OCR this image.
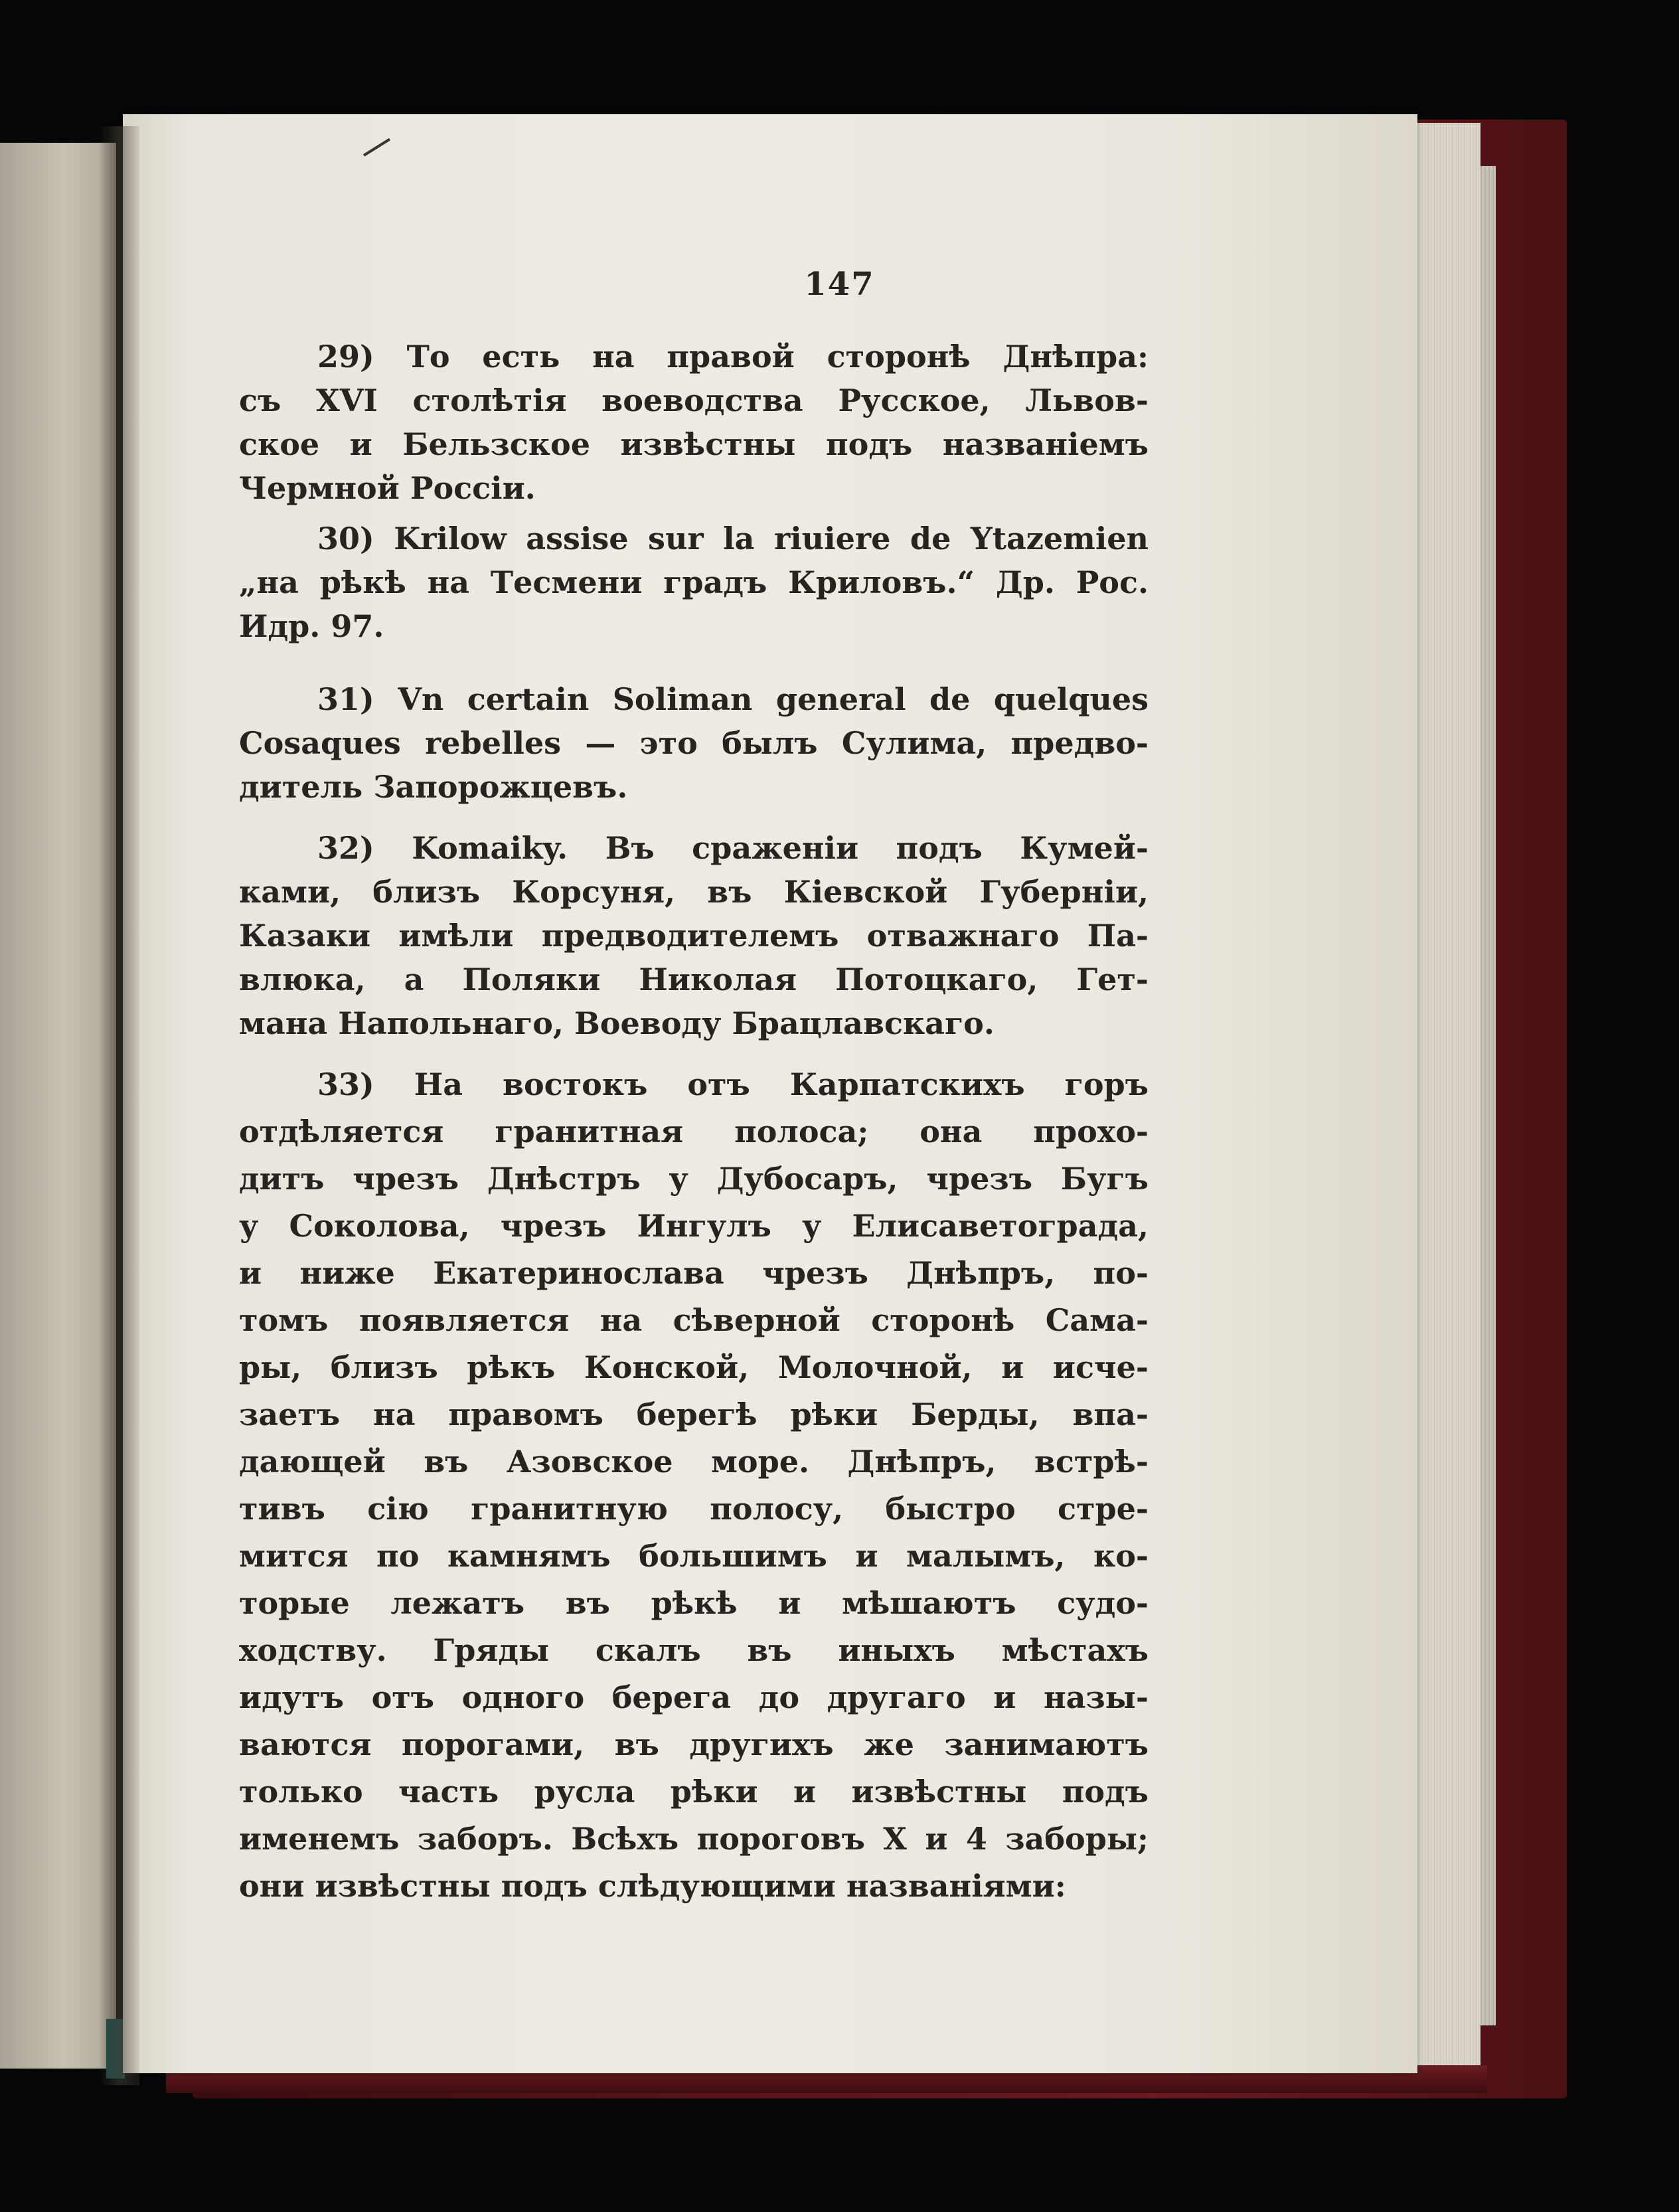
147
29) То есть на правой сторонѣ Днѣпра:
съ XVI столѣтія воеводства Русское, Львов-
ское и Бельзское извѣстны подъ названіемъ
Чермной Россіи.
30) Krilow assise sur la riuiere de Ytazemien
„на рѣкѣ на Тесмени градъ Криловъ.“ Др. Рос.
Идр. 97.
31) Vn certain Soliman general de quelques
Cosaques rebelles — это былъ Сулима, предво-
дитель Запорожцевъ.
32) Komaiky. Въ сраженіи подъ Кумей-
ками, близъ Корсуня, въ Кіевской Губерніи,
Казаки имѣли предводителемъ отважнаго Па-
влюка, а Поляки Николая Потоцкаго, Гет-
мана Напольнаго, Воеводу Брацлавскаго.
33) На востокъ отъ Карпатскихъ горъ
отдѣляется гранитная полоса; она прохо-
дитъ чрезъ Днѣстръ у Дубосаръ, чрезъ Бугъ
у Соколова, чрезъ Ингулъ у Елисаветограда,
и ниже Екатеринослава чрезъ Днѣпръ, по-
томъ появляется на сѣверной сторонѣ Сама-
ры, близъ рѣкъ Конской, Молочной, и исче-
заетъ на правомъ берегѣ рѣки Берды, впа-
дающей въ Азовское море. Днѣпръ, встрѣ-
тивъ сію гранитную полосу, быстро стре-
мится по камнямъ большимъ и малымъ, ко-
торые лежатъ въ рѣкѣ и мѣшаютъ судо-
ходству. Гряды скалъ въ иныхъ мѣстахъ
идутъ отъ одного берега до другаго и назы-
ваются порогами, въ другихъ же занимаютъ
только часть русла рѣки и извѣстны подъ
именемъ заборъ. Всѣхъ пороговъ X и 4 заборы;
они извѣстны подъ слѣдующими названіями:
